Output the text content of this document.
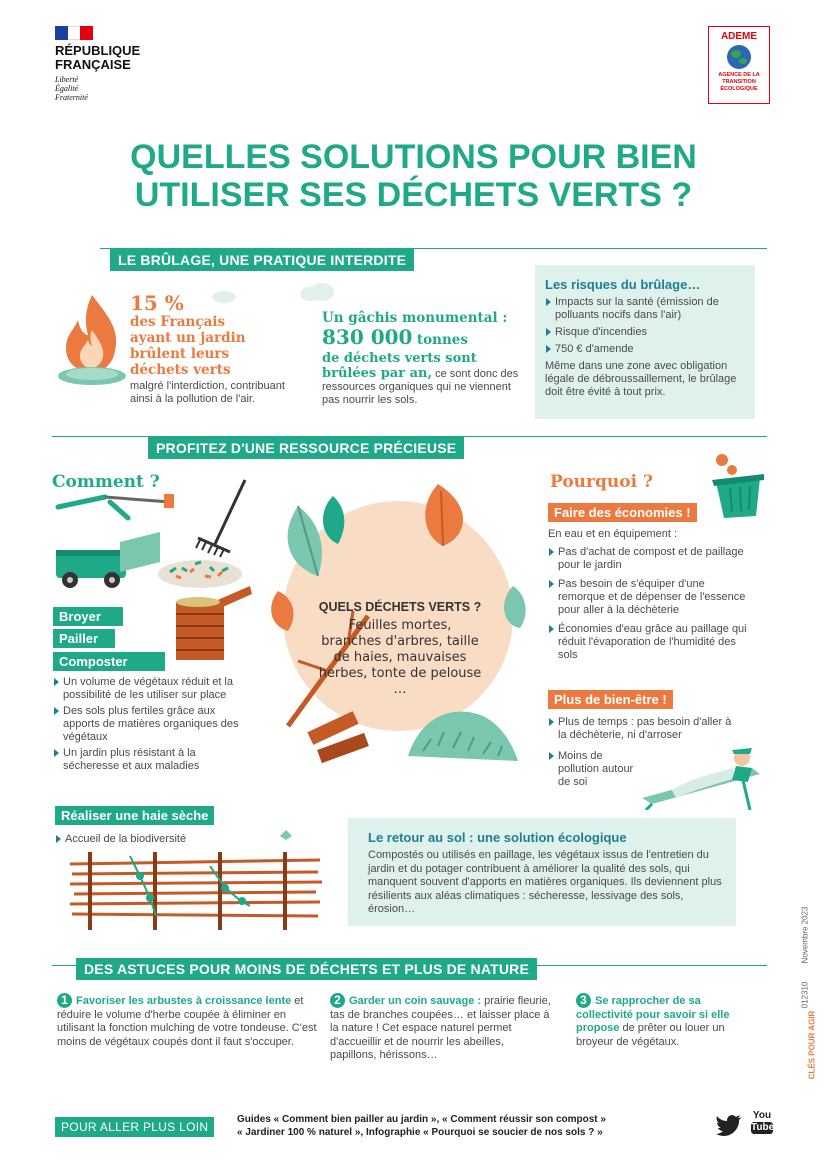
RÉPUBLIQUE
FRANÇAISE
Liberté
Égalité
Fraternité
ADEME
AGENCE DE LA
TRANSITION
ÉCOLOGIQUE
QUELLES SOLUTIONS POUR BIEN
UTILISER SES DÉCHETS VERTS ?
LE BRÛLAGE, UNE PRATIQUE INTERDITE
15 %
des Français ayant un jardin brûlent leurs déchets verts
malgré l'interdiction, contribuant ainsi à la pollution de l'air.
Un gâchis monumental :
830 000 tonnes
de déchets verts sont brûlées par an, ce sont donc des ressources organiques qui ne viennent pas nourrir les sols.
Les risques du brûlage…
Impacts sur la santé (émission de polluants nocifs dans l'air)
Risque d'incendies
750 € d'amende
Même dans une zone avec obligation légale de débroussaillement, le brûlage doit être évité à tout prix.
PROFITEZ D'UNE RESSOURCE PRÉCIEUSE
Comment ?
Broyer
Pailler
Composter
Un volume de végétaux réduit et la possibilité de les utiliser sur place
Des sols plus fertiles grâce aux apports de matières organiques des végétaux
Un jardin plus résistant à la sécheresse et aux maladies
QUELS DÉCHETS VERTS ?
Feuilles mortes, branches d'arbres, taille de haies, mauvaises herbes, tonte de pelouse …
Pourquoi ?
Faire des économies !
En eau et en équipement :
Pas d'achat de compost et de paillage pour le jardin
Pas besoin de s'équiper d'une remorque et de dépenser de l'essence pour aller à la déchèterie
Économies d'eau grâce au paillage qui réduit l'évaporation de l'humidité des sols
Plus de bien-être !
Plus de temps : pas besoin d'aller à la déchèterie, ni d'arroser
Moins de pollution autour de soi
Réaliser une haie sèche
Accueil de la biodiversité	Le retour au sol : une solution écologique
Compostés ou utilisés en paillage, les végétaux issus de l'entretien du jardin et du potager contribuent à améliorer la qualité des sols, qui manquent souvent d'apports en matières organiques. Ils deviennent plus résilients aux aléas climatiques : sécheresse, lessivage des sols, érosion…
DES ASTUCES POUR MOINS DE DÉCHETS ET PLUS DE NATURE
1 Favoriser les arbustes à croissance lente et réduire le volume d'herbe coupée à éliminer en utilisant la fonction mulching de votre tondeuse. C'est moins de végétaux coupés dont il faut s'occuper.
2 Garder un coin sauvage : prairie fleurie, tas de branches coupées… et laisser place à la nature ! Cet espace naturel permet d'accueillir et de nourrir les abeilles, papillons, hérissons…
3 Se rapprocher de sa collectivité pour savoir si elle propose de prêter ou louer un broyeur de végétaux.
POUR ALLER PLUS LOIN
Guides « Comment bien pailler au jardin », « Comment réussir son compost »
« Jardiner 100 % naturel », Infographie « Pourquoi se soucier de nos sols ? »
You
Tube
Novembre 2023
012310
CLÉS POUR AGIR
